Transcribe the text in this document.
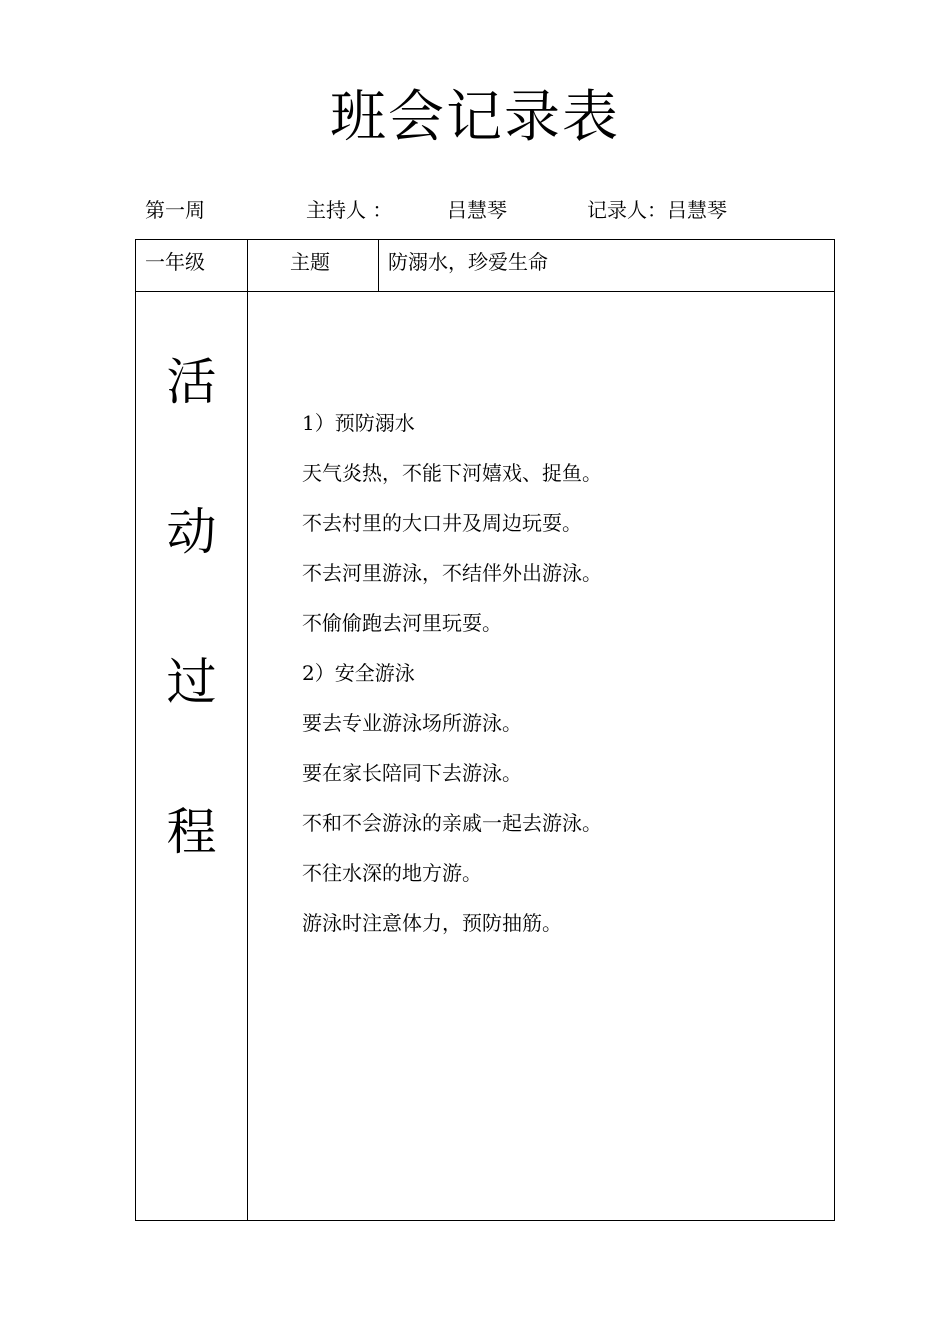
班会记录表
第一周	主持人 ：	吕慧琴	记录人：吕慧琴
一年级	主题	防溺水，珍爱生命
活
动
过
程
1）预防溺水
天气炎热，不能下河嬉戏、捉鱼。
不去村里的大口井及周边玩耍。
不去河里游泳，不结伴外出游泳。
不偷偷跑去河里玩耍。
2）安全游泳
要去专业游泳场所游泳。
要在家长陪同下去游泳。
不和不会游泳的亲戚一起去游泳。
不往水深的地方游。
游泳时注意体力，预防抽筋。
